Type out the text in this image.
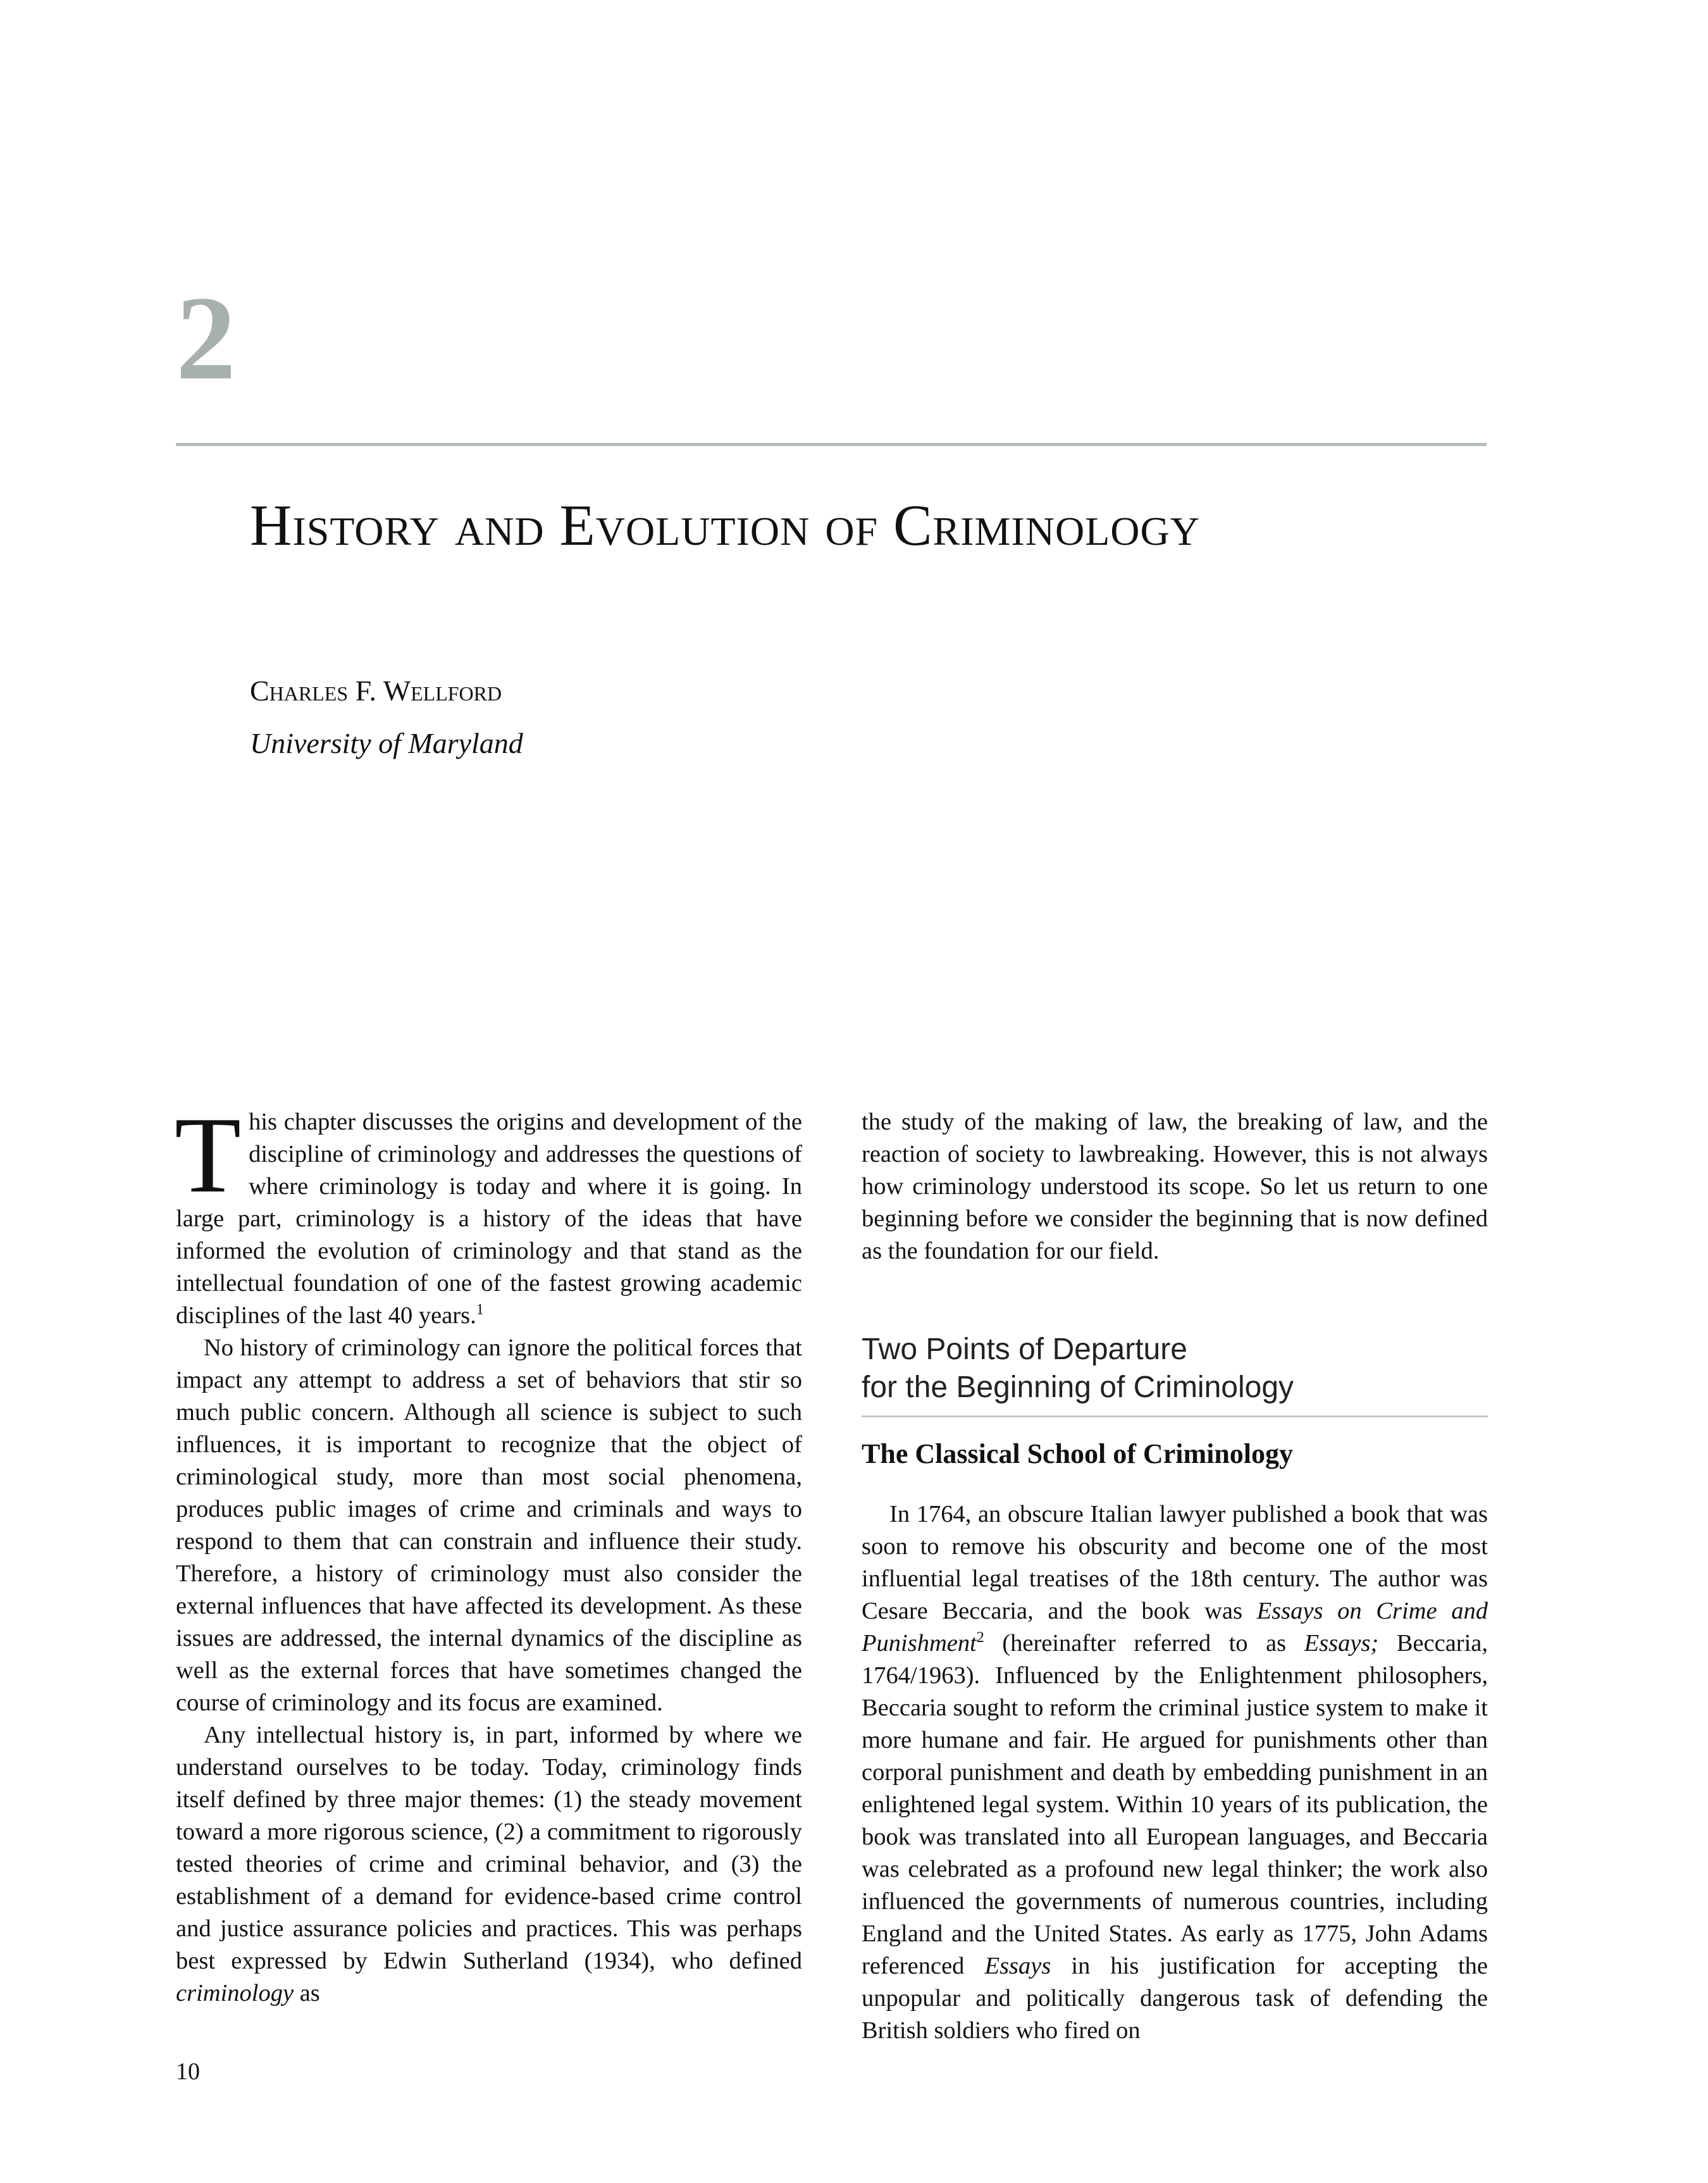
2
History and Evolution of Criminology
Charles F. Wellford
University of Maryland

This chapter discusses the origins and development of the discipline of criminology and addresses the questions of where criminology is today and where it is going. In large part, criminology is a history of the ideas that have informed the evolution of criminology and that stand as the intellectual foundation of one of the fastest growing academic disciplines of the last 40 years.$^1$

No history of criminology can ignore the political forces that impact any attempt to address a set of behaviors that stir so much public concern. Although all science is subject to such influences, it is important to recognize that the object of criminological study, more than most social phenomena, produces public images of crime and criminals and ways to respond to them that can constrain and influence their study. Therefore, a history of criminology must also consider the external influences that have affected its development. As these issues are addressed, the internal dynamics of the discipline as well as the external forces that have sometimes changed the course of criminology and its focus are examined.

Any intellectual history is, in part, informed by where we understand ourselves to be today. Today, criminology finds itself defined by three major themes: (1) the steady movement toward a more rigorous science, (2) a commitment to rigorously tested theories of crime and criminal behavior, and (3) the establishment of a demand for evidence-based crime control and justice assurance policies and practices. This was perhaps best expressed by Edwin Sutherland (1934), who defined criminology as

the study of the making of law, the breaking of law, and the reaction of society to lawbreaking. However, this is not always how criminology understood its scope. So let us return to one beginning before we consider the beginning that is now defined as the foundation for our field.

Two Points of Departure
for the Beginning of Criminology
The Classical School of Criminology

In 1764, an obscure Italian lawyer published a book that was soon to remove his obscurity and become one of the most influential legal treatises of the 18th century. The author was Cesare Beccaria, and the book was Essays on Crime and Punishment$^2$ (hereinafter referred to as Essays; Beccaria, 1764/1963). Influenced by the Enlightenment philosophers, Beccaria sought to reform the criminal justice system to make it more humane and fair. He argued for punishments other than corporal punishment and death by embedding punishment in an enlightened legal system. Within 10 years of its publication, the book was translated into all European languages, and Beccaria was celebrated as a profound new legal thinker; the work also influenced the governments of numerous countries, including England and the United States. As early as 1775, John Adams referenced Essays in his justification for accepting the unpopular and politically dangerous task of defending the British soldiers who fired on

10
